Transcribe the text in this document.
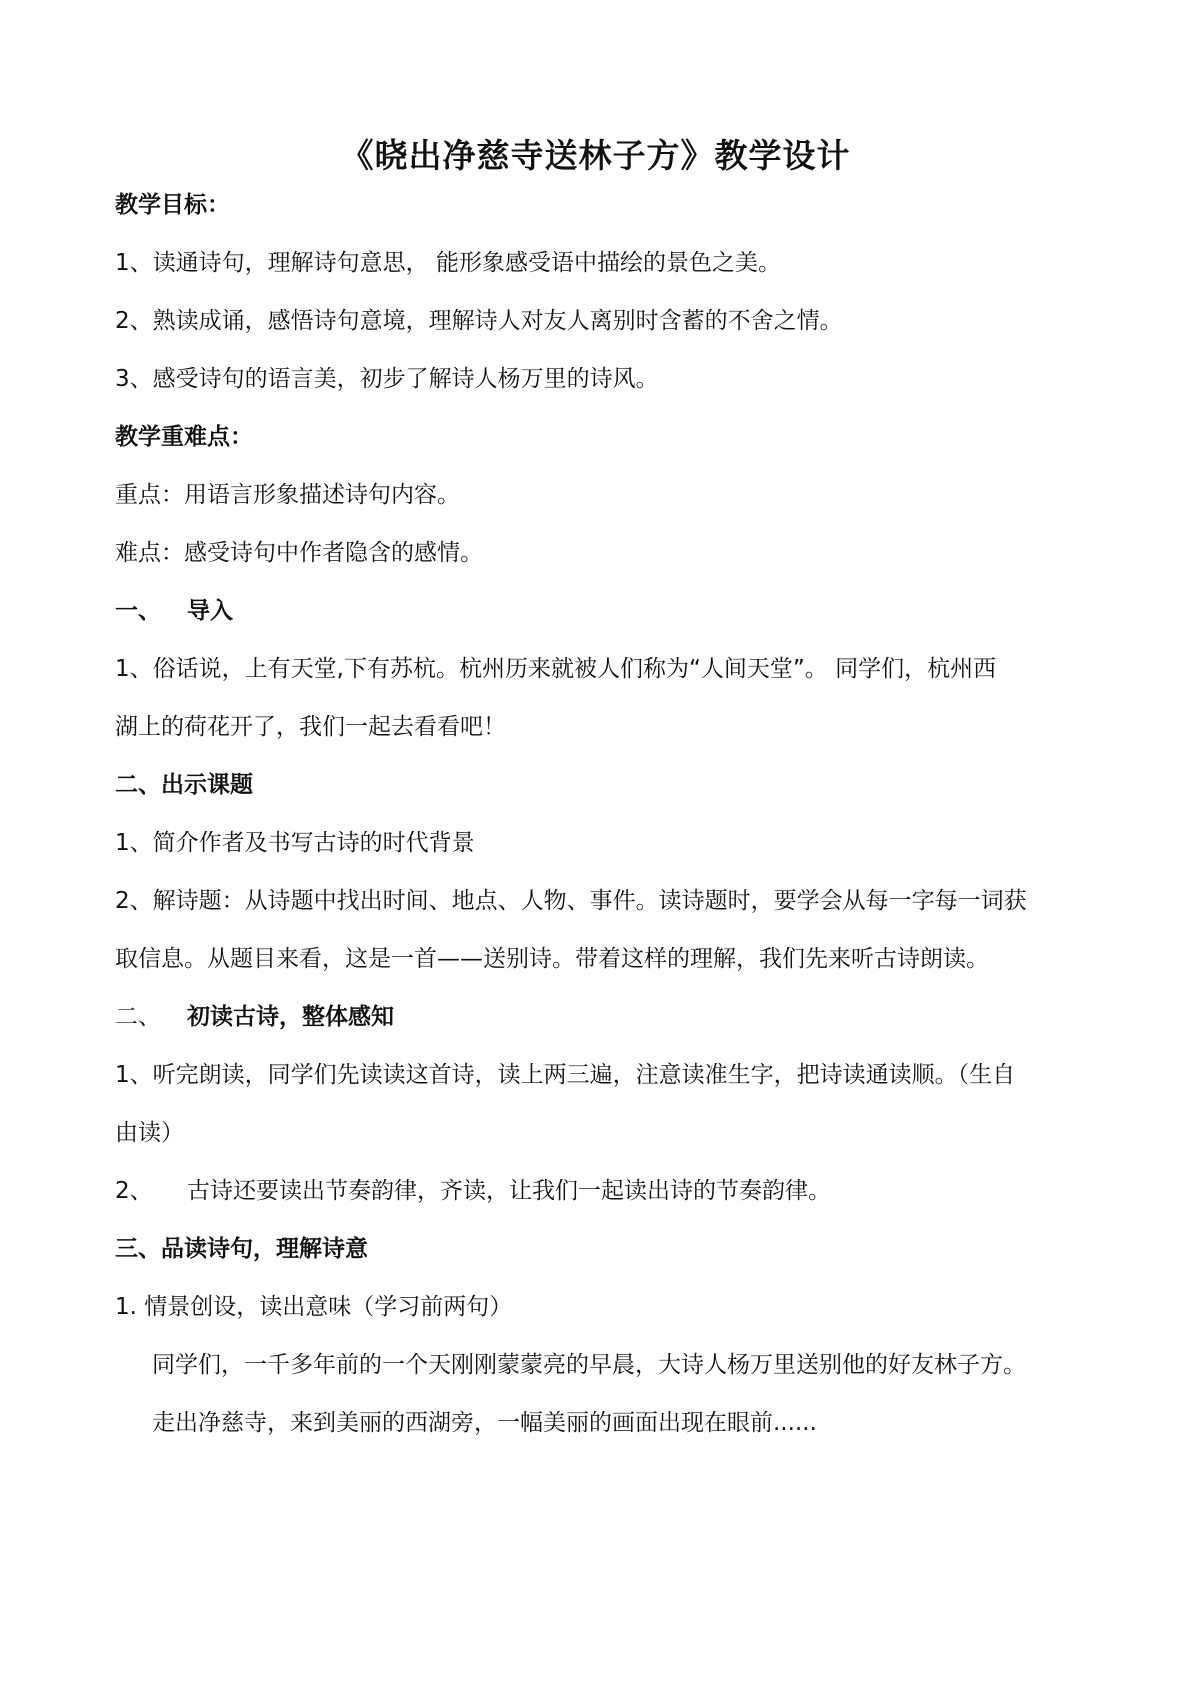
《晓出净慈寺送林子方》教学设计
教学目标：
1、读通诗句，理解诗句意思， 能形象感受语中描绘的景色之美。
2、熟读成诵，感悟诗句意境，理解诗人对友人离别时含蓄的不舍之情。
3、感受诗句的语言美，初步了解诗人杨万里的诗风。
教学重难点：
重点：用语言形象描述诗句内容。
难点：感受诗句中作者隐含的感情。
一、 导入
1、俗话说，上有天堂,下有苏杭。杭州历来就被人们称为“人间天堂”。 同学们，杭州西
湖上的荷花开了，我们一起去看看吧！
二、出示课题
1、简介作者及书写古诗的时代背景
2、解诗题：从诗题中找出时间、地点、人物、事件。读诗题时，要学会从每一字每一词获
取信息。从题目来看，这是一首——送别诗。带着这样的理解，我们先来听古诗朗读。
二、 初读古诗，整体感知
1、听完朗读，同学们先读读这首诗，读上两三遍，注意读准生字，把诗读通读顺。（生自
由读）
2、 古诗还要读出节奏韵律，齐读，让我们一起读出诗的节奏韵律。
三、品读诗句，理解诗意
1. 情景创设，读出意味（学习前两句）
同学们，一千多年前的一个天刚刚蒙蒙亮的早晨，大诗人杨万里送别他的好友林子方。
走出净慈寺，来到美丽的西湖旁，一幅美丽的画面出现在眼前......
